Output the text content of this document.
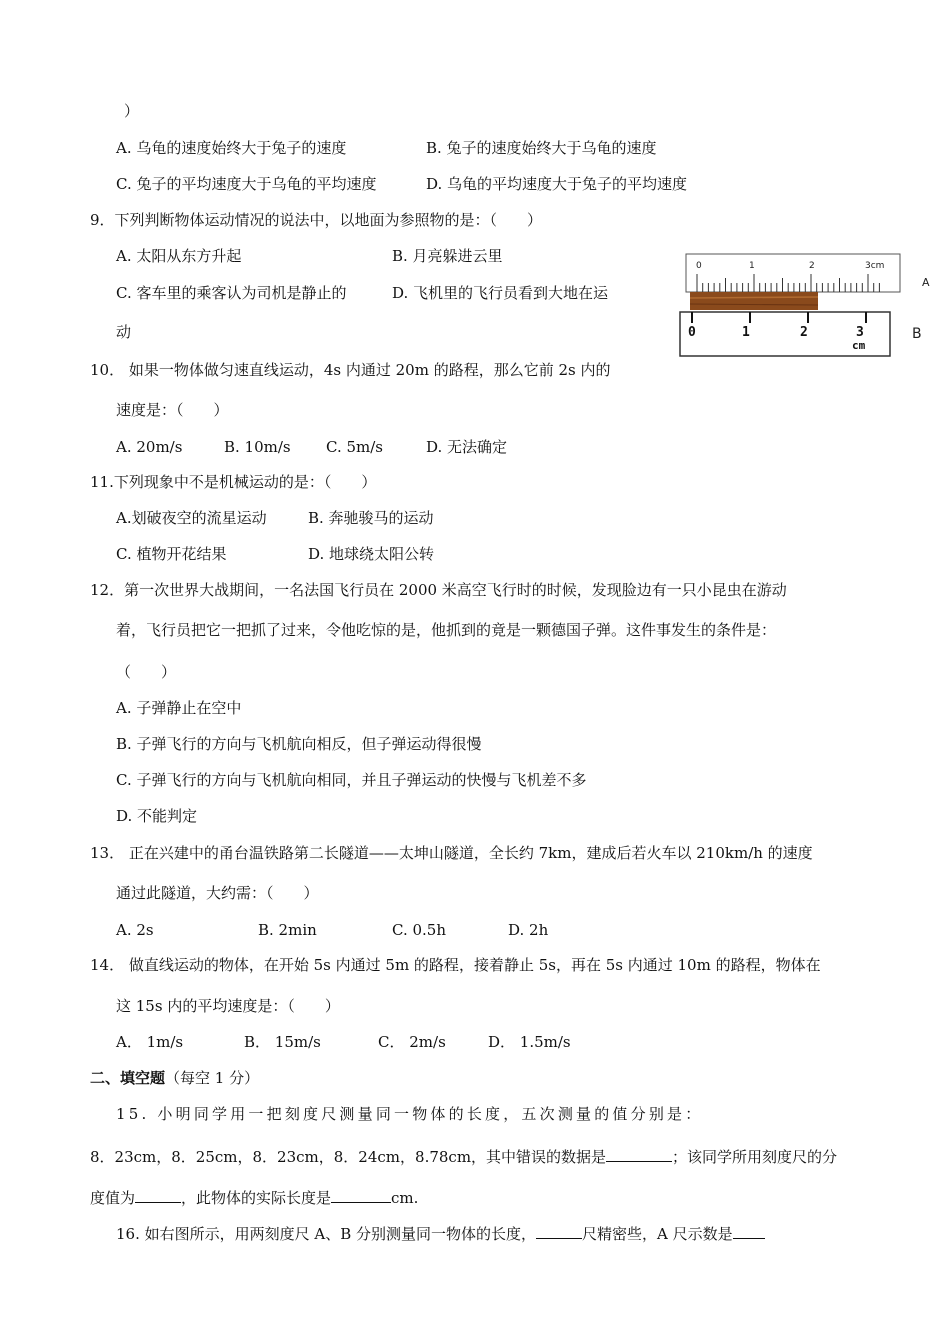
）
A. 乌龟的速度始终大于兔子的速度	B. 兔子的速度始终大于乌龟的速度
C. 兔子的平均速度大于乌龟的平均速度	D. 乌龟的平均速度大于兔子的平均速度
9．下列判断物体运动情况的说法中，以地面为参照物的是：（　　）
A. 太阳从东方升起	B. 月亮躲进云里
C. 客车里的乘客认为司机是静止的	D. 飞机里的飞行员看到大地在运
动
0	1	2	3cm
A
0	1	2	3
cm
B
10． 如果一物体做匀速直线运动，4s 内通过 20m 的路程，那么它前 2s 内的
速度是：（　　）
A. 20m/s	B. 10m/s C. 5m/s	D. 无法确定
11.下列现象中不是机械运动的是：（　　）
A.划破夜空的流星运动	B. 奔驰骏马的运动
C. 植物开花结果	D. 地球绕太阳公转
12．第一次世界大战期间，一名法国飞行员在 2000 米高空飞行时的时候，发现脸边有一只小昆虫在游动
着，飞行员把它一把抓了过来，令他吃惊的是，他抓到的竟是一颗德国子弹。这件事发生的条件是：
（　　）
A. 子弹静止在空中
B. 子弹飞行的方向与飞机航向相反，但子弹运动得很慢
C. 子弹飞行的方向与飞机航向相同，并且子弹运动的快慢与飞机差不多
D. 不能判定
13． 正在兴建中的甬台温铁路第二长隧道——太坤山隧道，全长约 7km，建成后若火车以 210km/h 的速度
通过此隧道，大约需：（　　）
A. 2s	B. 2min	C. 0.5h	D. 2h
14． 做直线运动的物体，在开始 5s 内通过 5m 的路程，接着静止 5s，再在 5s 内通过 10m 的路程，物体在
这 15s 内的平均速度是：（　　）
A． 1m/s	B． 15m/s	C． 2m/s	D． 1.5m/s
二、填空题（每空 1 分）
15. 小明同学用一把刻度尺测量同一物体的长度，五次测量的值分别是：
8．23cm，8．25cm，8．23cm，8．24cm，8.78cm，其中错误的数据是	；该同学所用刻度尺的分
度值为	，此物体的实际长度是	cm.
16. 如右图所示，用两刻度尺 A、B 分别测量同一物体的长度，	尺精密些，A 尺示数是
